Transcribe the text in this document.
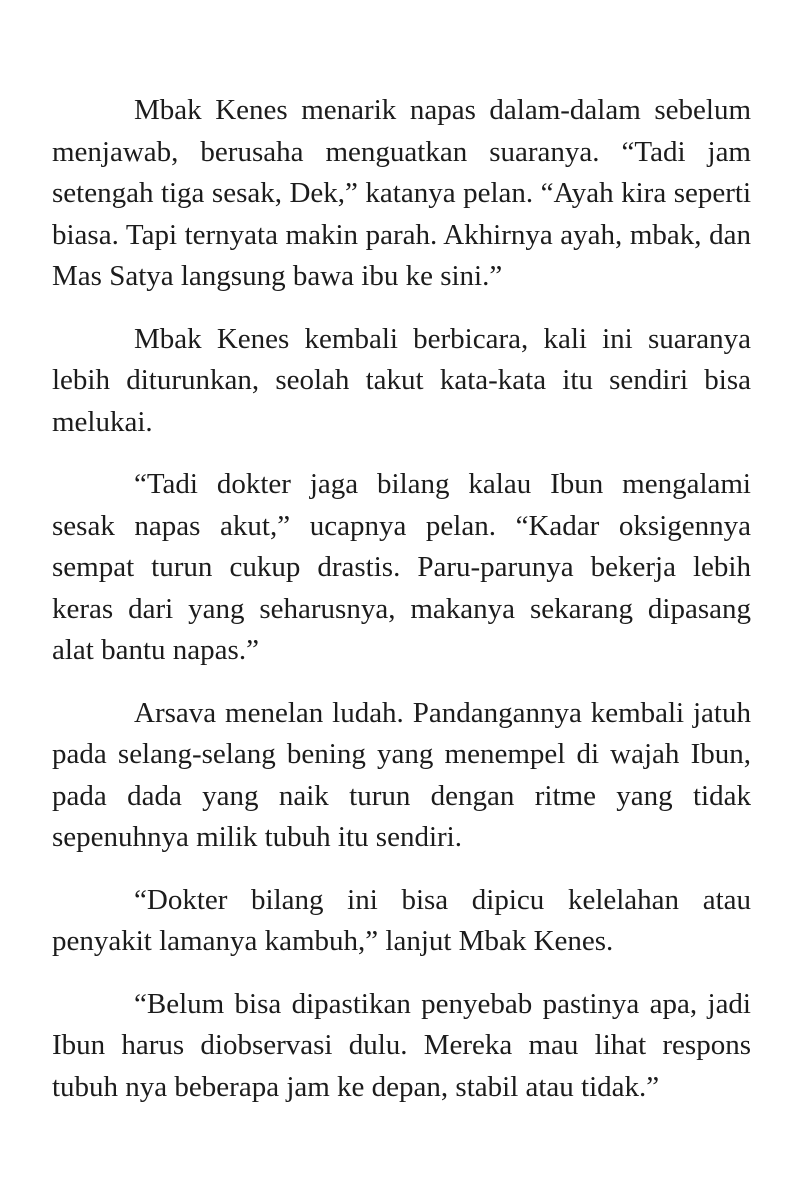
Mbak Kenes menarik napas dalam-dalam sebelum menjawab, berusaha menguatkan suaranya. “Tadi jam setengah tiga sesak, Dek,” katanya pelan. “Ayah kira seperti biasa. Tapi ternyata makin parah. Akhirnya ayah, mbak, dan Mas Satya langsung bawa ibu ke sini.”

Mbak Kenes kembali berbicara, kali ini suaranya lebih diturunkan, seolah takut kata-kata itu sendiri bisa melukai.

“Tadi dokter jaga bilang kalau Ibun mengalami sesak napas akut,” ucapnya pelan. “Kadar oksigennya sempat turun cukup drastis. Paru-parunya bekerja lebih keras dari yang seharusnya, makanya sekarang dipasang alat bantu napas.”

Arsava menelan ludah. Pandangannya kembali jatuh pada selang-selang bening yang menempel di wajah Ibun, pada dada yang naik turun dengan ritme yang tidak sepenuhnya milik tubuh itu sendiri.

“Dokter bilang ini bisa dipicu kelelahan atau penyakit lamanya kambuh,” lanjut Mbak Kenes.

“Belum bisa dipastikan penyebab pastinya apa, jadi Ibun harus diobservasi dulu. Mereka mau lihat respons tubuh nya beberapa jam ke depan, stabil atau tidak.”
